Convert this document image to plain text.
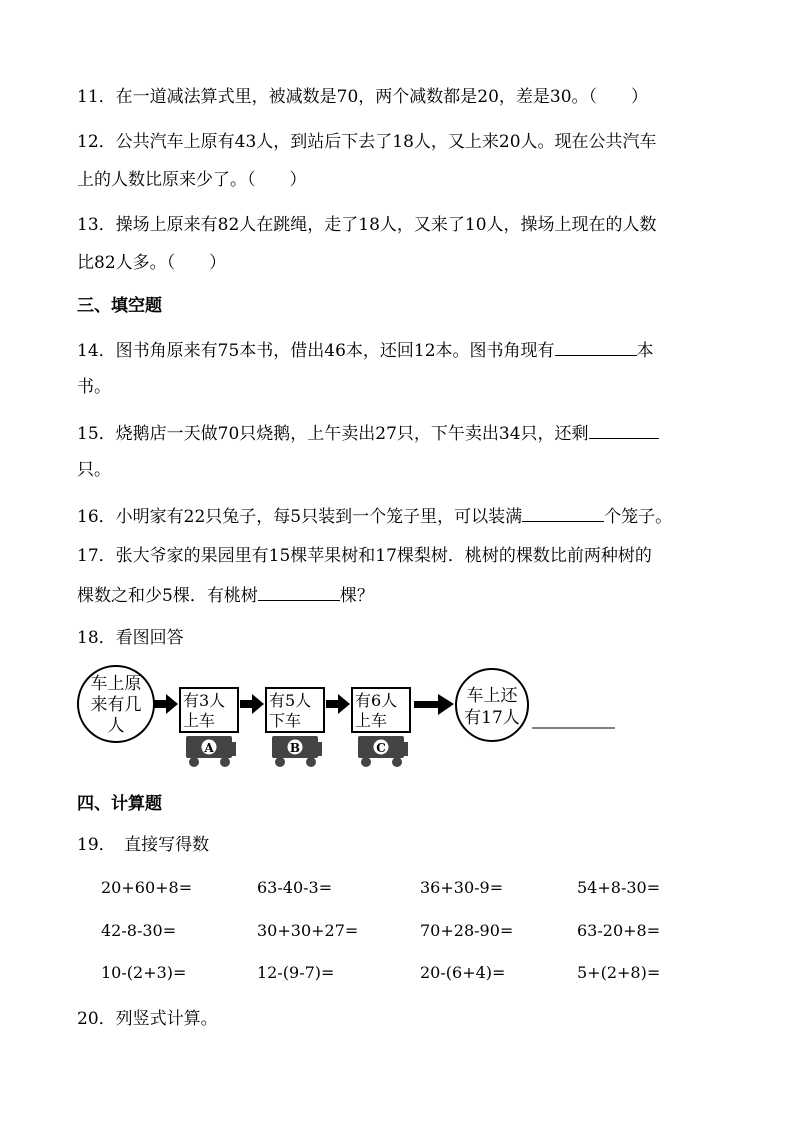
11．在一道减法算式里，被减数是70，两个减数都是20，差是30。（　　）
12．公共汽车上原有43人，到站后下去了18人，又上来20人。现在公共汽车
上的人数比原来少了。（　　）
13．操场上原来有82人在跳绳，走了18人，又来了10人，操场上现在的人数
比82人多。（　　）
三、填空题
14．图书角原来有75本书，借出46本，还回12本。图书角现有	本
书。
15．烧鹅店一天做70只烧鹅，上午卖出27只，下午卖出34只，还剩
只。
16．小明家有22只兔子，每5只装到一个笼子里，可以装满	个笼子。
17．张大爷家的果园里有15棵苹果树和17棵梨树．桃树的棵数比前两种树的
棵数之和少5棵．有桃树	棵？
18．看图回答
车上原
来有几
人
有3人
上车
A
有5人
下车
B
有6人
上车
C
车上还
有17人
四、计算题
19．　直接写得数
20+60+8=	63-40-3=	36+30-9=	54+8-30=
42-8-30=	30+30+27=	70+28-90=	63-20+8=
10-(2+3)=	12-(9-7)=	20-(6+4)=	5+(2+8)=
20．列竖式计算。
